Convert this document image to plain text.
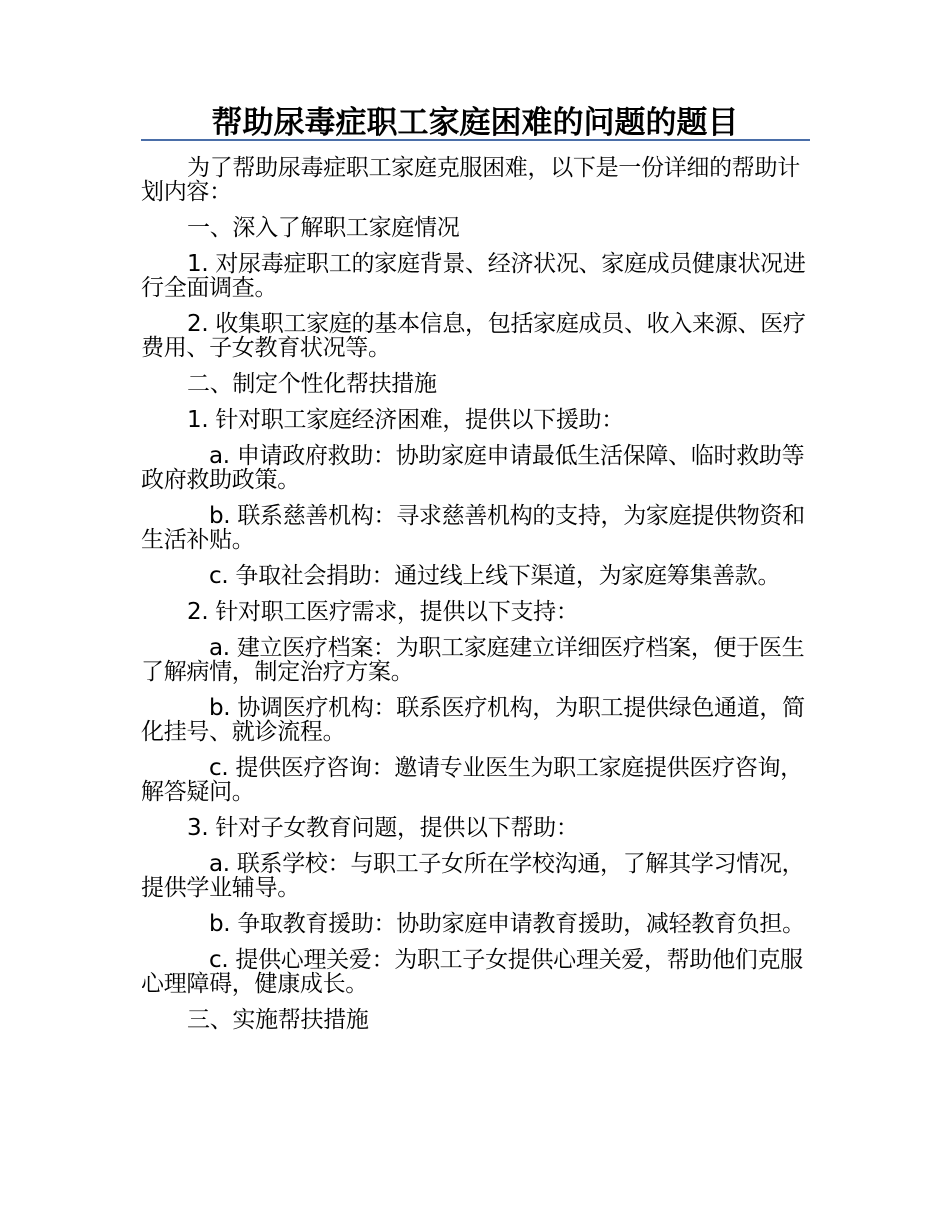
帮助尿毒症职工家庭困难的问题的题目

为了帮助尿毒症职工家庭克服困难，以下是一份详细的帮助计划内容：

一、深入了解职工家庭情况

1. 对尿毒症职工的家庭背景、经济状况、家庭成员健康状况进行全面调查。

2. 收集职工家庭的基本信息，包括家庭成员、收入来源、医疗费用、子女教育状况等。

二、制定个性化帮扶措施

1. 针对职工家庭经济困难，提供以下援助：

a. 申请政府救助：协助家庭申请最低生活保障、临时救助等政府救助政策。

b. 联系慈善机构：寻求慈善机构的支持，为家庭提供物资和生活补贴。

c. 争取社会捐助：通过线上线下渠道，为家庭筹集善款。

2. 针对职工医疗需求，提供以下支持：

a. 建立医疗档案：为职工家庭建立详细医疗档案，便于医生了解病情，制定治疗方案。

b. 协调医疗机构：联系医疗机构，为职工提供绿色通道，简化挂号、就诊流程。

c. 提供医疗咨询：邀请专业医生为职工家庭提供医疗咨询，解答疑问。

3. 针对子女教育问题，提供以下帮助：

a. 联系学校：与职工子女所在学校沟通，了解其学习情况，提供学业辅导。

b. 争取教育援助：协助家庭申请教育援助，减轻教育负担。

c. 提供心理关爱：为职工子女提供心理关爱，帮助他们克服心理障碍，健康成长。

三、实施帮扶措施
